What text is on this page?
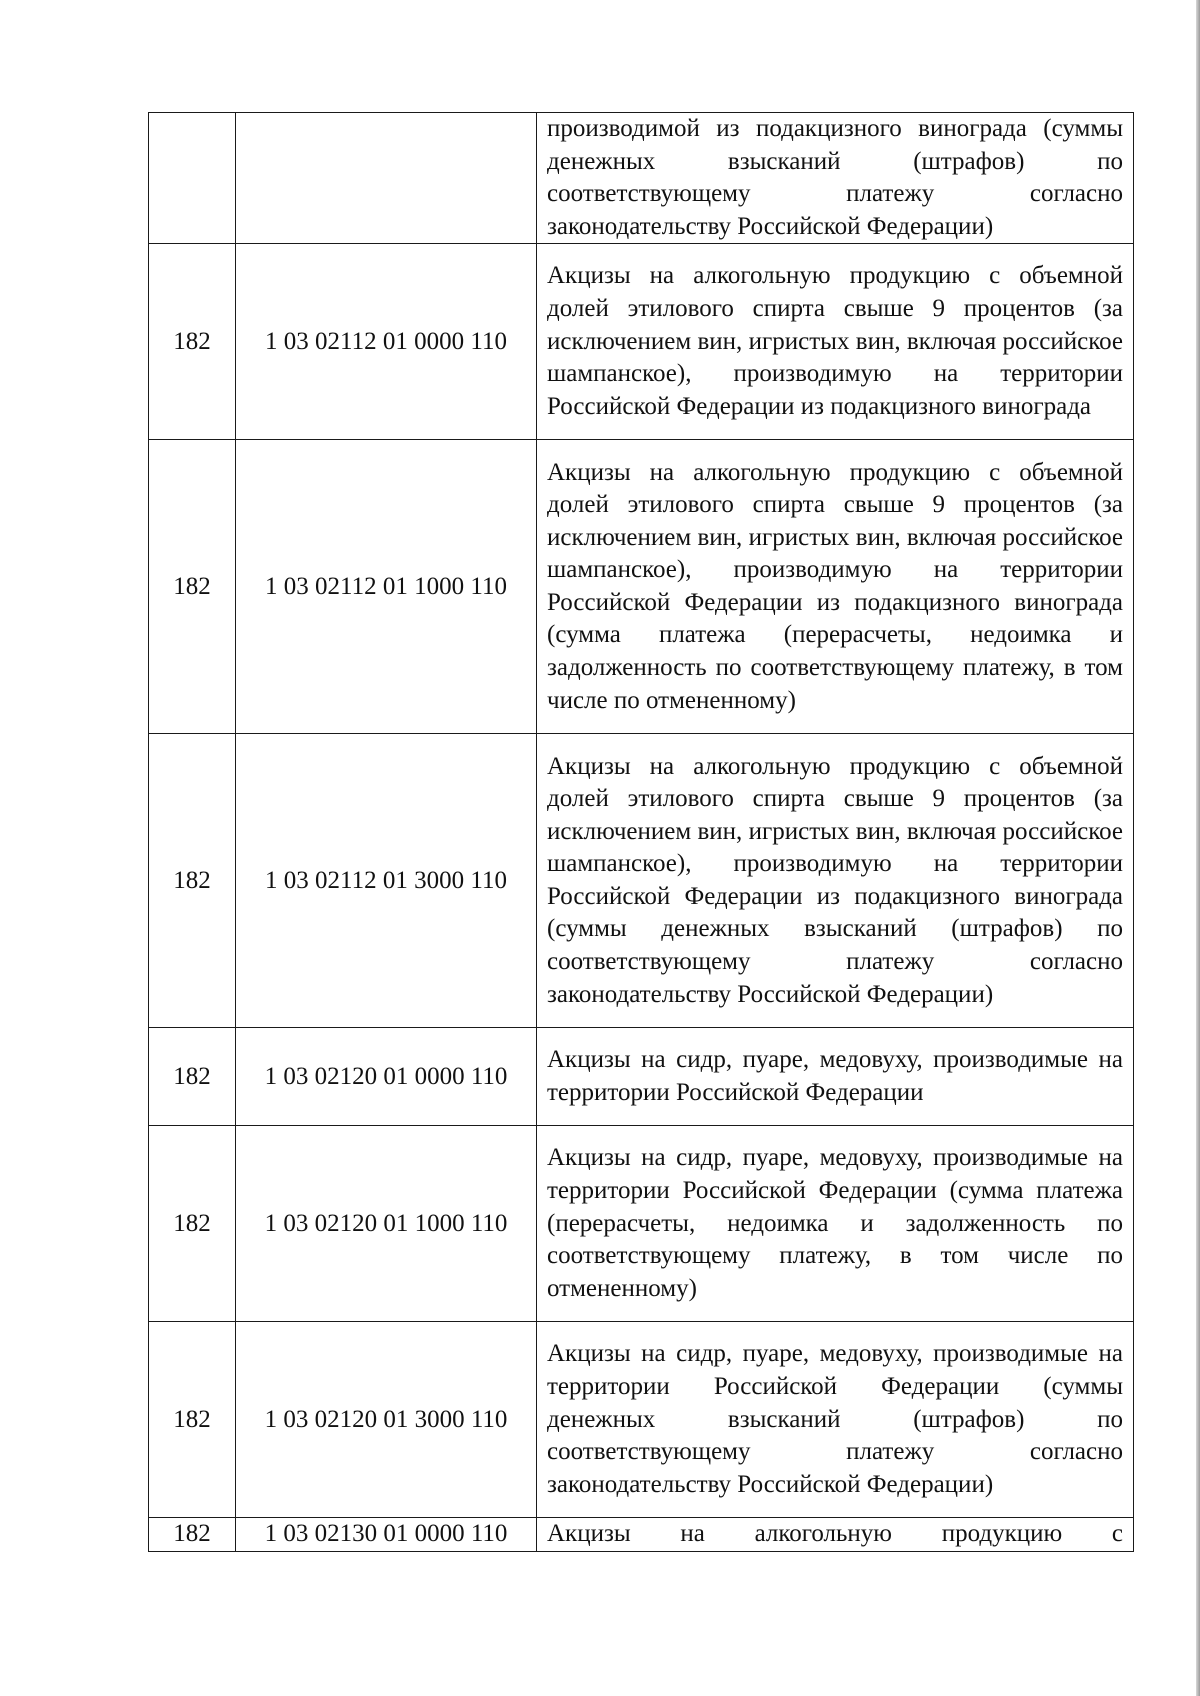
		производимой из подакцизного винограда (суммы денежных взысканий (штрафов) по соответствующему платежу согласно законодательству Российской Федерации)
182	1 03 02112 01 0000 110	Акцизы на алкогольную продукцию с объемной долей этилового спирта свыше 9 процентов (за исключением вин, игристых вин, включая российское шампанское), производимую на территории Российской Федерации из подакцизного винограда
182	1 03 02112 01 1000 110	Акцизы на алкогольную продукцию с объемной долей этилового спирта свыше 9 процентов (за исключением вин, игристых вин, включая российское шампанское), производимую на территории Российской Федерации из подакцизного винограда (сумма платежа (перерасчеты, недоимка и задолженность по соответствующему платежу, в том числе по отмененному)
182	1 03 02112 01 3000 110	Акцизы на алкогольную продукцию с объемной долей этилового спирта свыше 9 процентов (за исключением вин, игристых вин, включая российское шампанское), производимую на территории Российской Федерации из подакцизного винограда (суммы денежных взысканий (штрафов) по соответствующему платежу согласно законодательству Российской Федерации)
182	1 03 02120 01 0000 110	Акцизы на сидр, пуаре, медовуху, производимые на территории Российской Федерации
182	1 03 02120 01 1000 110	Акцизы на сидр, пуаре, медовуху, производимые на территории Российской Федерации (сумма платежа (перерасчеты, недоимка и задолженность по соответствующему платежу, в том числе по отмененному)
182	1 03 02120 01 3000 110	Акцизы на сидр, пуаре, медовуху, производимые на территории Российской Федерации (суммы денежных взысканий (штрафов) по соответствующему платежу согласно законодательству Российской Федерации)
182	1 03 02130 01 0000 110	Акцизы на алкогольную продукцию с
